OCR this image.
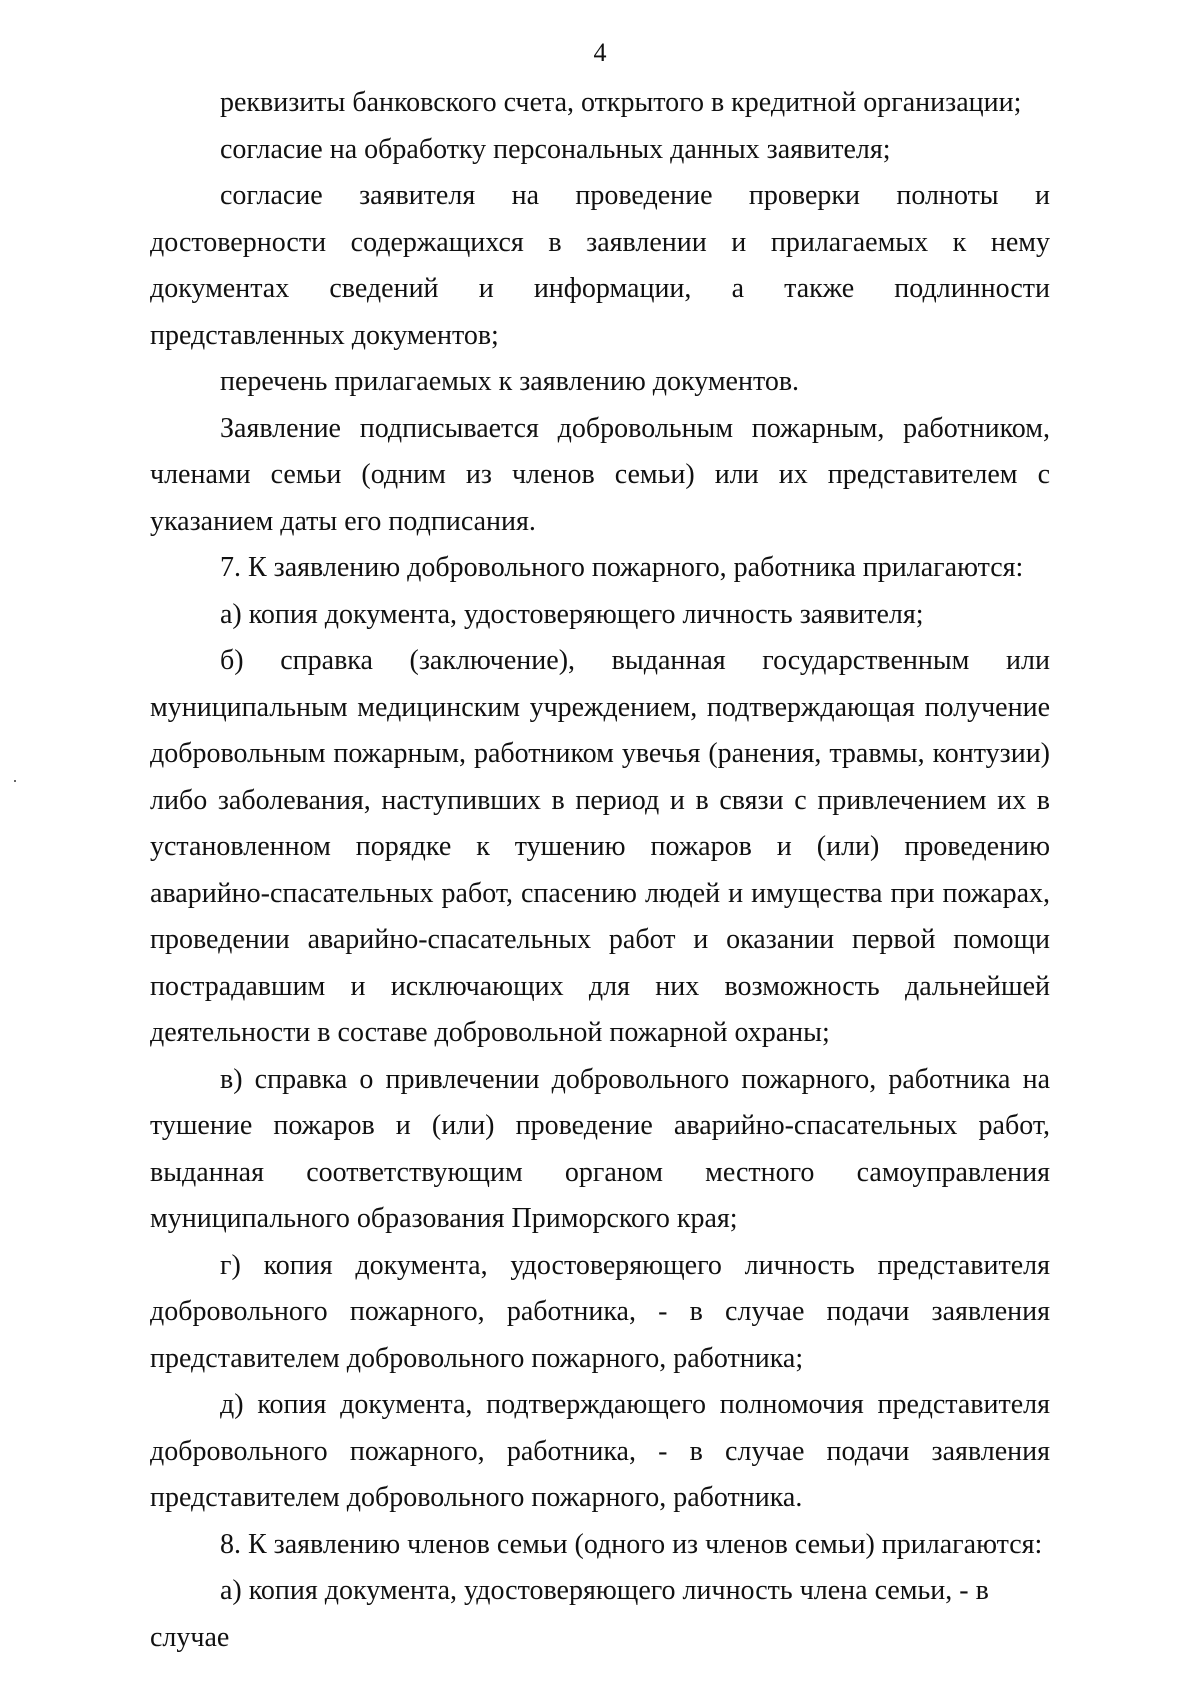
4

реквизиты банковского счета, открытого в кредитной организации;

согласие на обработку персональных данных заявителя;

согласие заявителя на проведение проверки полноты и достоверности содержащихся в заявлении и прилагаемых к нему документах сведений и информации, а также подлинности представленных документов;

перечень прилагаемых к заявлению документов.

Заявление подписывается добровольным пожарным, работником, членами семьи (одним из членов семьи) или их представителем с указанием даты его подписания.

7. К заявлению добровольного пожарного, работника прилагаются:

а) копия документа, удостоверяющего личность заявителя;

б) справка (заключение), выданная государственным или муниципальным медицинским учреждением, подтверждающая получение добровольным пожарным, работником увечья (ранения, травмы, контузии) либо заболевания, наступивших в период и в связи с привлечением их в установленном порядке к тушению пожаров и (или) проведению аварийно-спасательных работ, спасению людей и имущества при пожарах, проведении аварийно-спасательных работ и оказании первой помощи пострадавшим и исключающих для них возможность дальнейшей деятельности в составе добровольной пожарной охраны;

в) справка о привлечении добровольного пожарного, работника на тушение пожаров и (или) проведение аварийно-спасательных работ, выданная соответствующим органом местного самоуправления муниципального образования Приморского края;

г) копия документа, удостоверяющего личность представителя добровольного пожарного, работника, - в случае подачи заявления представителем добровольного пожарного, работника;

д) копия документа, подтверждающего полномочия представителя добровольного пожарного, работника, - в случае подачи заявления представителем добровольного пожарного, работника.

8. К заявлению членов семьи (одного из членов семьи) прилагаются:

а) копия документа, удостоверяющего личность члена семьи, - в случае
